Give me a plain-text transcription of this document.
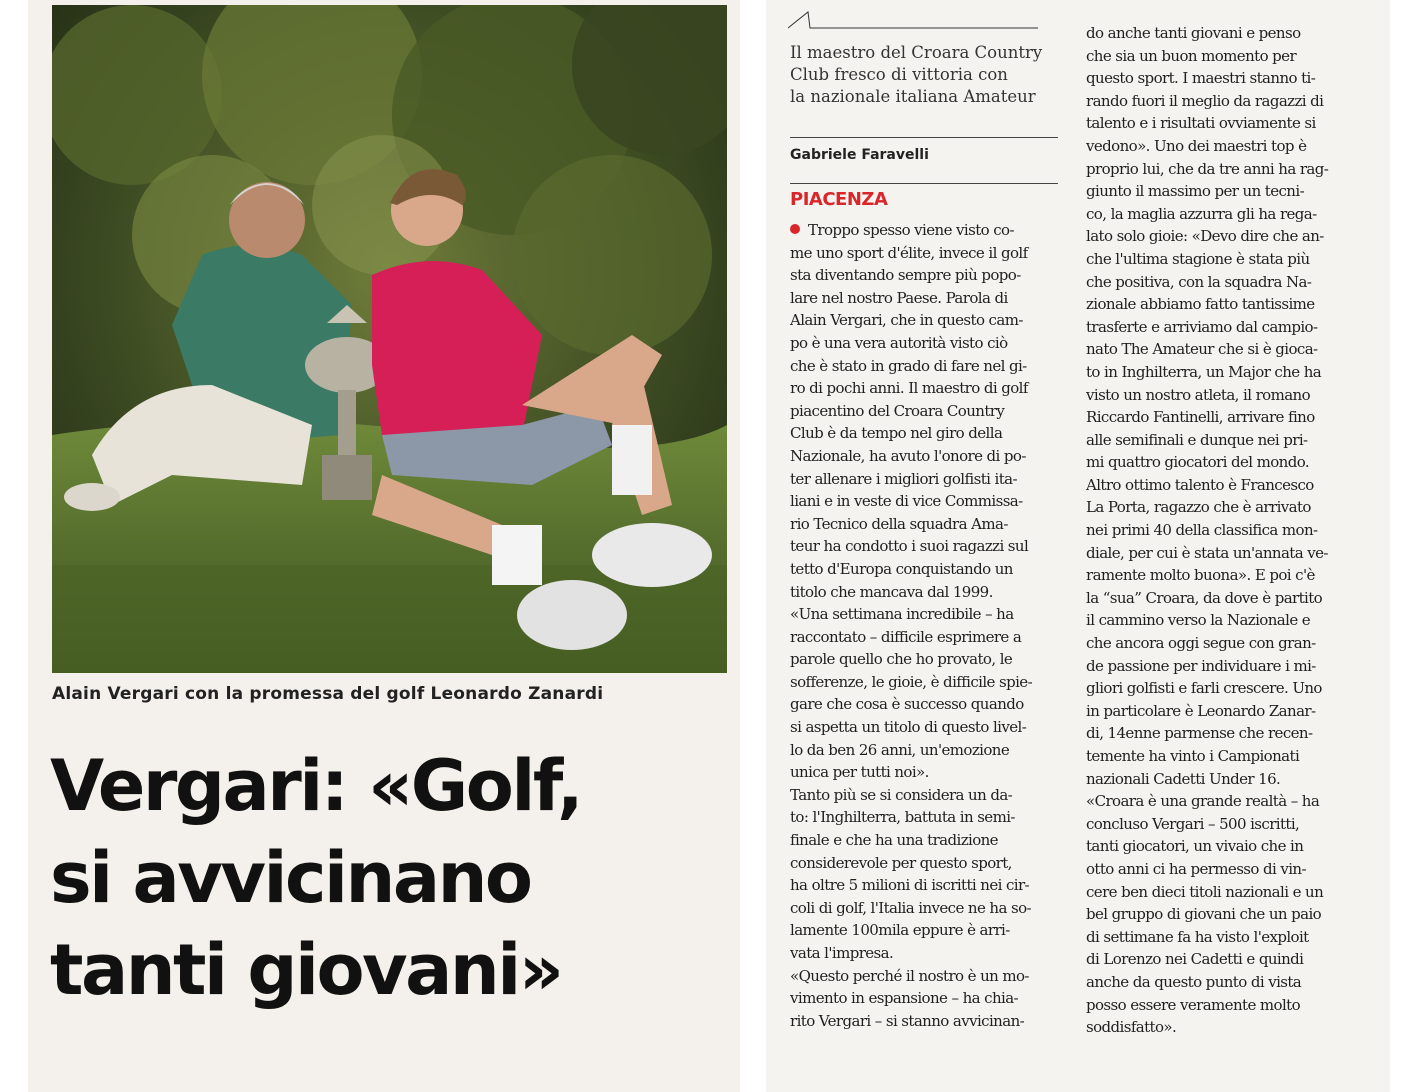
Alain Vergari con la promessa del golf Leonardo Zanardi
Vergari: «Golf,
si avvicinano
tanti giovani»
Il maestro del Croara Country
Club fresco di vittoria con
la nazionale italiana Amateur
Gabriele Faravelli
PIACENZA
Troppo spesso viene visto co-
me uno sport d'élite, invece il golf
sta diventando sempre più popo-
lare nel nostro Paese. Parola di
Alain Vergari, che in questo cam-
po è una vera autorità visto ciò
che è stato in grado di fare nel gi-
ro di pochi anni. Il maestro di golf
piacentino del Croara Country
Club è da tempo nel giro della
Nazionale, ha avuto l'onore di po-
ter allenare i migliori golfisti ita-
liani e in veste di vice Commissa-
rio Tecnico della squadra Ama-
teur ha condotto i suoi ragazzi sul
tetto d'Europa conquistando un
titolo che mancava dal 1999.
«Una settimana incredibile – ha
raccontato – difficile esprimere a
parole quello che ho provato, le
sofferenze, le gioie, è difficile spie-
gare che cosa è successo quando
si aspetta un titolo di questo livel-
lo da ben 26 anni, un'emozione
unica per tutti noi».
Tanto più se si considera un da-
to: l'Inghilterra, battuta in semi-
finale e che ha una tradizione
considerevole per questo sport,
ha oltre 5 milioni di iscritti nei cir-
coli di golf, l'Italia invece ne ha so-
lamente 100mila eppure è arri-
vata l'impresa.
«Questo perché il nostro è un mo-
vimento in espansione – ha chia-
rito Vergari – si stanno avvicinan-
do anche tanti giovani e penso
che sia un buon momento per
questo sport. I maestri stanno ti-
rando fuori il meglio da ragazzi di
talento e i risultati ovviamente si
vedono». Uno dei maestri top è
proprio lui, che da tre anni ha rag-
giunto il massimo per un tecni-
co, la maglia azzurra gli ha rega-
lato solo gioie: «Devo dire che an-
che l'ultima stagione è stata più
che positiva, con la squadra Na-
zionale abbiamo fatto tantissime
trasferte e arriviamo dal campio-
nato The Amateur che si è gioca-
to in Inghilterra, un Major che ha
visto un nostro atleta, il romano
Riccardo Fantinelli, arrivare fino
alle semifinali e dunque nei pri-
mi quattro giocatori del mondo.
Altro ottimo talento è Francesco
La Porta, ragazzo che è arrivato
nei primi 40 della classifica mon-
diale, per cui è stata un'annata ve-
ramente molto buona». E poi c'è
la “sua” Croara, da dove è partito
il cammino verso la Nazionale e
che ancora oggi segue con gran-
de passione per individuare i mi-
gliori golfisti e farli crescere. Uno
in particolare è Leonardo Zanar-
di, 14enne parmense che recen-
temente ha vinto i Campionati
nazionali Cadetti Under 16.
«Croara è una grande realtà – ha
concluso Vergari – 500 iscritti,
tanti giocatori, un vivaio che in
otto anni ci ha permesso di vin-
cere ben dieci titoli nazionali e un
bel gruppo di giovani che un paio
di settimane fa ha visto l'exploit
di Lorenzo nei Cadetti e quindi
anche da questo punto di vista
posso essere veramente molto
soddisfatto».
